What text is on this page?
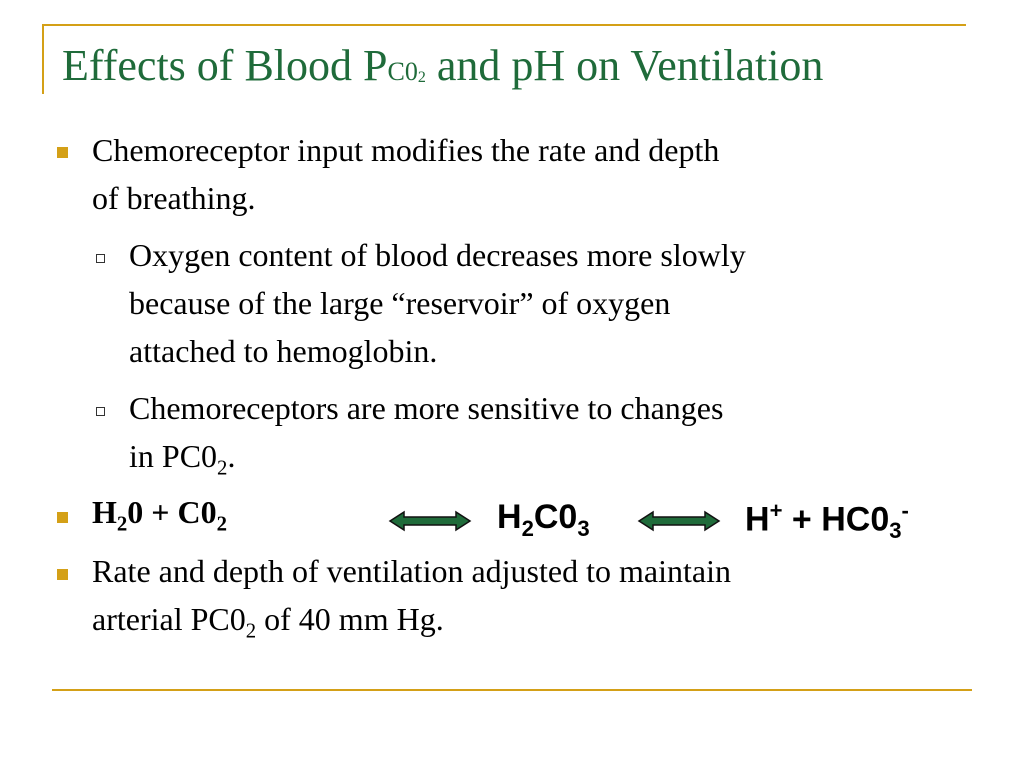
Effects of Blood $PC0_2$ and pH on Ventilation
Chemoreceptor input modifies the rate and depth
of breathing.
Oxygen content of blood decreases more slowly
because of the large “reservoir” of oxygen
attached to hemoglobin.
Chemoreceptors are more sensitive to changes
in $PC0_2$.
$H_20 + C0_2$	$H_2C0_3$	$H^+ + HC0_3^-$
Rate and depth of ventilation adjusted to maintain
arterial $PC0_2$ of 40 mm Hg.
